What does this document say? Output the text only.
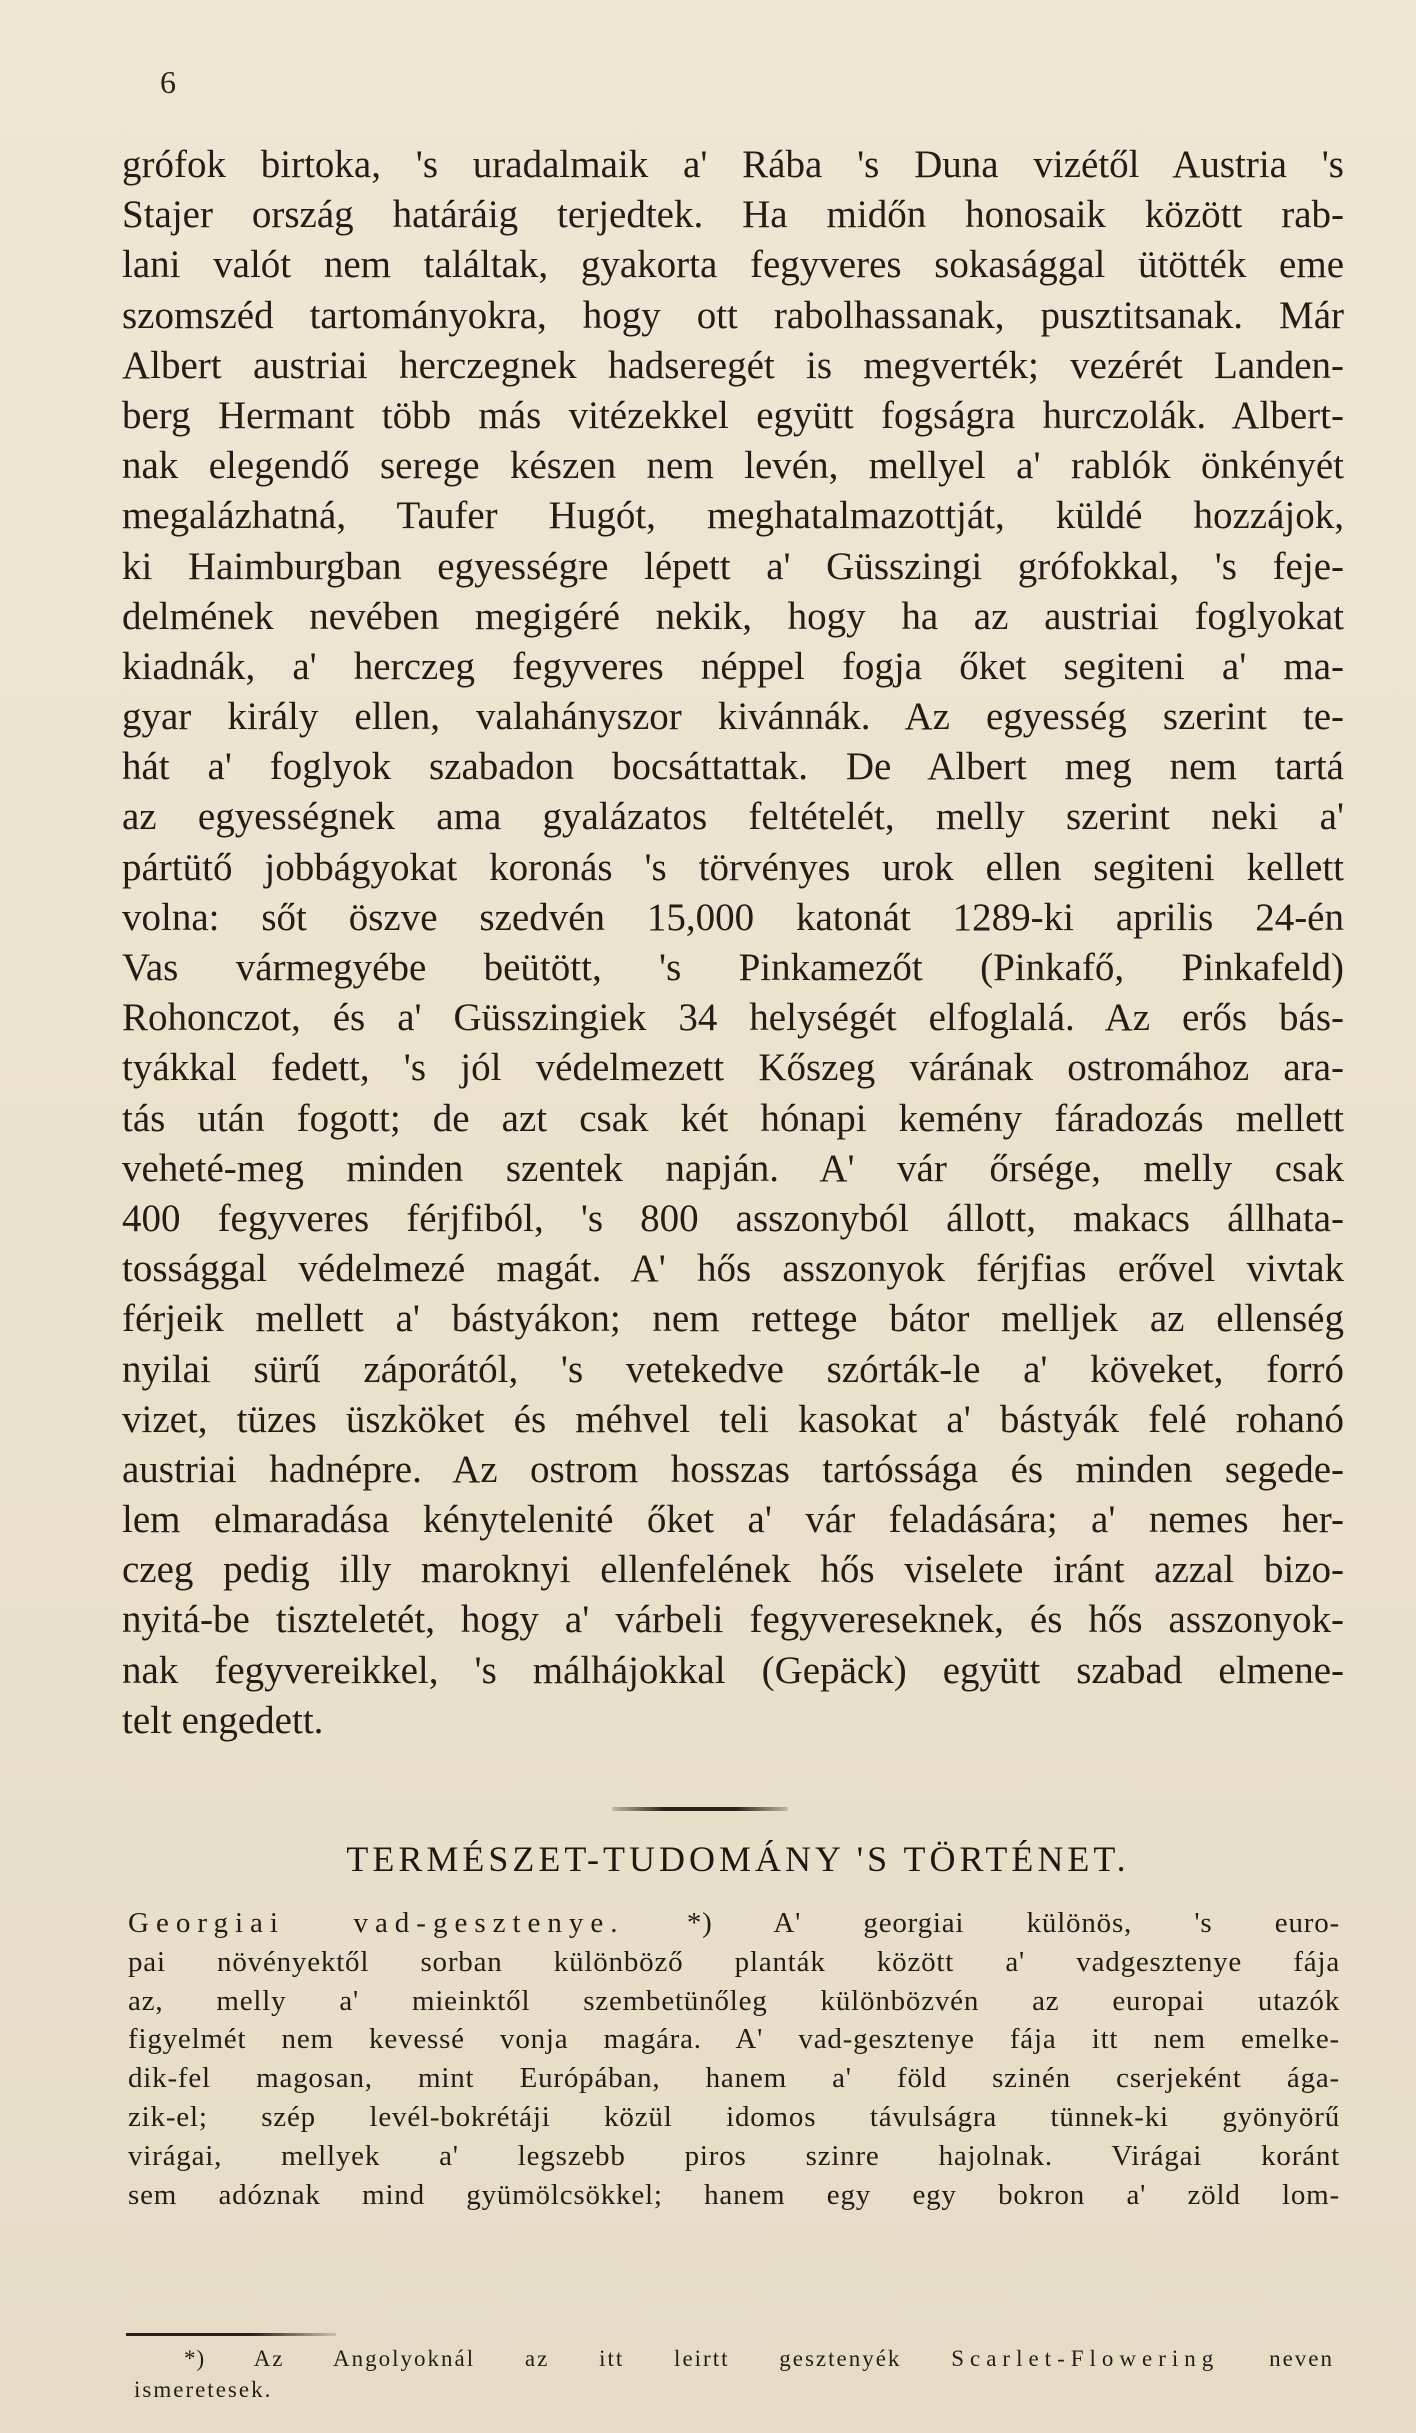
6
grófok birtoka, 's uradalmaik a' Rába 's Duna vizétől Austria 's
Stajer ország határáig terjedtek. Ha midőn honosaik között rab-
lani valót nem találtak, gyakorta fegyveres sokasággal ütötték eme
szomszéd tartományokra, hogy ott rabolhassanak, pusztitsanak. Már
Albert austriai herczegnek hadseregét is megverték; vezérét Landen-
berg Hermant több más vitézekkel együtt fogságra hurczolák. Albert-
nak elegendő serege készen nem levén, mellyel a' rablók önkényét
megalázhatná, Taufer Hugót, meghatalmazottját, küldé hozzájok,
ki Haimburgban egyességre lépett a' Güsszingi grófokkal, 's feje-
delmének nevében megigéré nekik, hogy ha az austriai foglyokat
kiadnák, a' herczeg fegyveres néppel fogja őket segiteni a' ma-
gyar király ellen, valahányszor kivánnák. Az egyesség szerint te-
hát a' foglyok szabadon bocsáttattak. De Albert meg nem tartá
az egyességnek ama gyalázatos feltételét, melly szerint neki a'
pártütő jobbágyokat koronás 's törvényes urok ellen segiteni kellett
volna: sőt öszve szedvén 15,000 katonát 1289-ki aprilis 24-én
Vas vármegyébe beütött, 's Pinkamezőt (Pinkafő, Pinkafeld)
Rohonczot, és a' Güsszingiek 34 helységét elfoglalá. Az erős bás-
tyákkal fedett, 's jól védelmezett Kőszeg várának ostromához ara-
tás után fogott; de azt csak két hónapi kemény fáradozás mellett
veheté-meg minden szentek napján. A' vár őrsége, melly csak
400 fegyveres férjfiból, 's 800 asszonyból állott, makacs állhata-
tossággal védelmezé magát. A' hős asszonyok férjfias erővel vivtak
férjeik mellett a' bástyákon; nem rettege bátor melljek az ellenség
nyilai sürű záporától, 's vetekedve szórták-le a' köveket, forró
vizet, tüzes üszköket és méhvel teli kasokat a' bástyák felé rohanó
austriai hadnépre. Az ostrom hosszas tartóssága és minden segede-
lem elmaradása kénytelenité őket a' vár feladására; a' nemes her-
czeg pedig illy maroknyi ellenfelének hős viselete iránt azzal bizo-
nyitá-be tiszteletét, hogy a' várbeli fegyvereseknek, és hős asszonyok-
nak fegyvereikkel, 's málhájokkal (Gepäck) együtt szabad elmene-
telt engedett.
TERMÉSZET-TUDOMÁNY 'S TÖRTÉNET.
Georgiai vad-gesztenye. *) A' georgiai különös, 's euro-
pai növényektől sorban különböző planták között a' vadgesztenye fája
az, melly a' mieinktől szembetünőleg különbözvén az europai utazók
figyelmét nem kevessé vonja magára. A' vad-gesztenye fája itt nem emelke-
dik-fel magosan, mint Európában, hanem a' föld szinén cserjeként ága-
zik-el; szép levél-bokrétáji közül idomos távulságra tünnek-ki gyönyörű
virágai, mellyek a' legszebb piros szinre hajolnak. Virágai koránt
sem adóznak mind gyümölcsökkel; hanem egy egy bokron a' zöld lom-
*) Az Angolyoknál az itt leirtt gesztenyék Scarlet-Flowering neven
ismeretesek.
